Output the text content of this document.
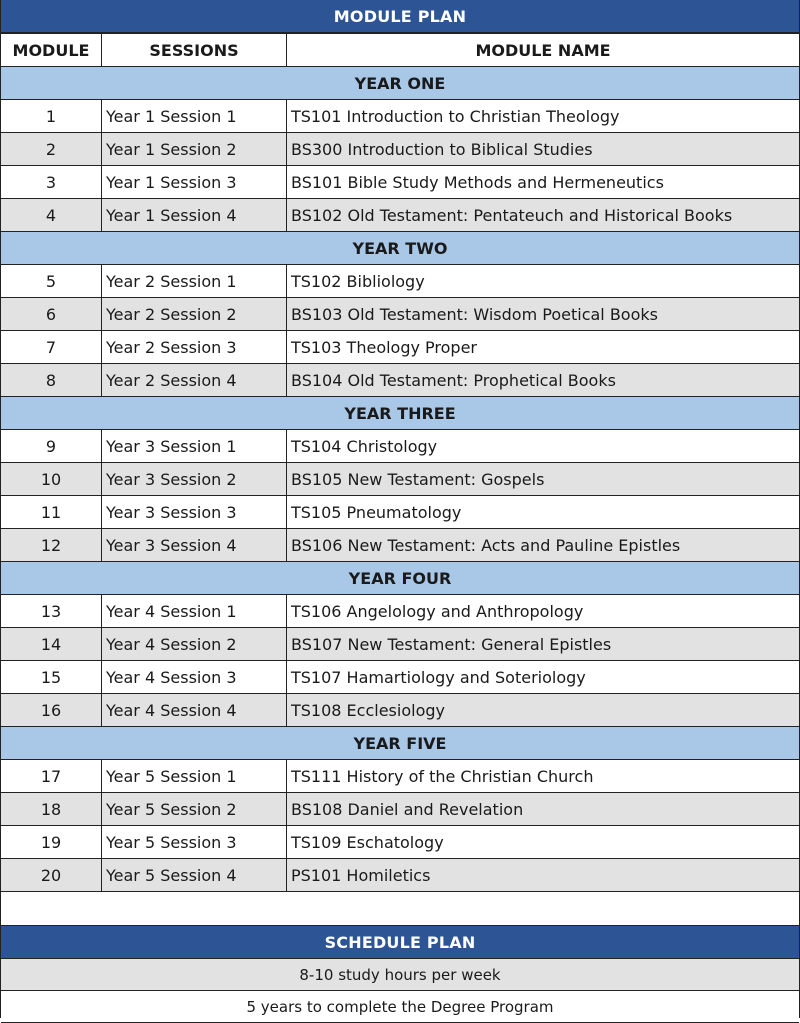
MODULE PLAN
MODULE	SESSIONS	MODULE NAME
YEAR ONE
1	Year 1 Session 1	TS101 Introduction to Christian Theology
2	Year 1 Session 2	BS300 Introduction to Biblical Studies
3	Year 1 Session 3	BS101 Bible Study Methods and Hermeneutics
4	Year 1 Session 4	BS102 Old Testament: Pentateuch and Historical Books
YEAR TWO
5	Year 2 Session 1	TS102 Bibliology
6	Year 2 Session 2	BS103 Old Testament: Wisdom Poetical Books
7	Year 2 Session 3	TS103 Theology Proper
8	Year 2 Session 4	BS104 Old Testament: Prophetical Books
YEAR THREE
9	Year 3 Session 1	TS104 Christology
10	Year 3 Session 2	BS105 New Testament: Gospels
11	Year 3 Session 3	TS105 Pneumatology
12	Year 3 Session 4	BS106 New Testament: Acts and Pauline Epistles
YEAR FOUR
13	Year 4 Session 1	TS106 Angelology and Anthropology
14	Year 4 Session 2	BS107 New Testament: General Epistles
15	Year 4 Session 3	TS107 Hamartiology and Soteriology
16	Year 4 Session 4	TS108 Ecclesiology
YEAR FIVE
17	Year 5 Session 1	TS111 History of the Christian Church
18	Year 5 Session 2	BS108 Daniel and Revelation
19	Year 5 Session 3	TS109 Eschatology
20	Year 5 Session 4	PS101 Homiletics
SCHEDULE PLAN
8-10 study hours per week
5 years to complete the Degree Program
